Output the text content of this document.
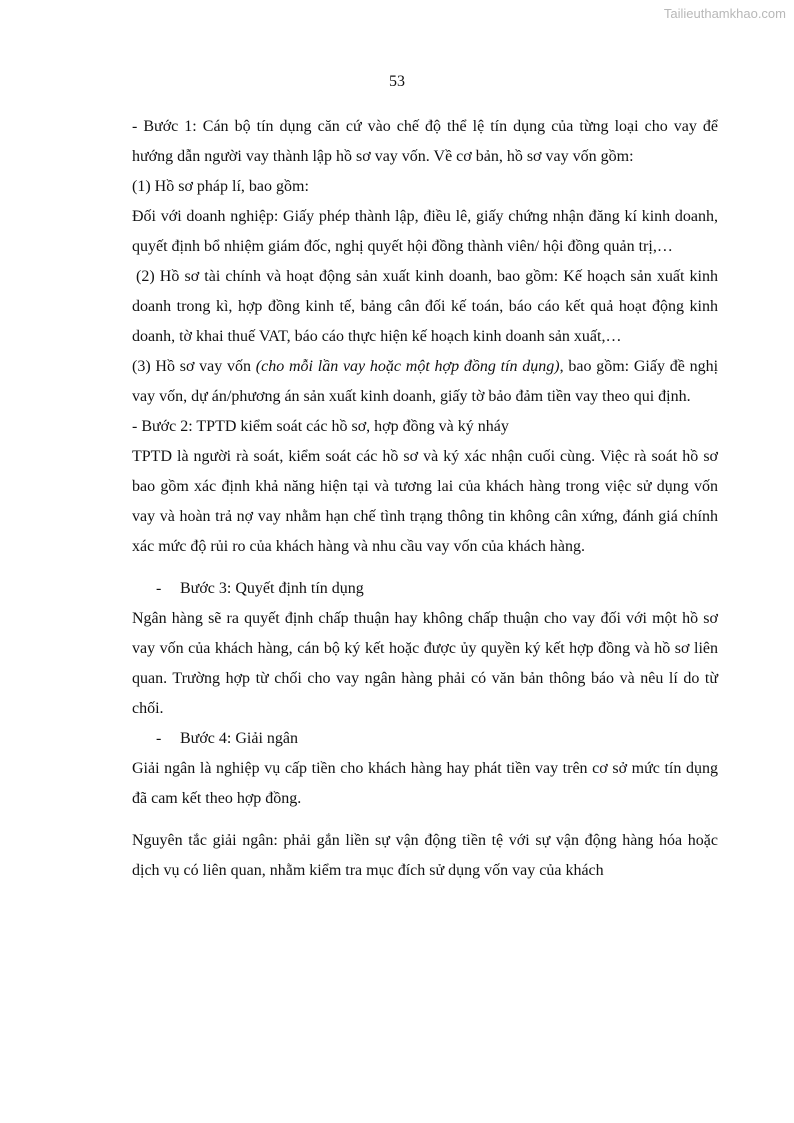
Tailieuthamkhao.com
53

- Bước 1: Cán bộ tín dụng căn cứ vào chế độ thể lệ tín dụng của từng loại cho vay để hướng dẫn người vay thành lập hồ sơ vay vốn. Về cơ bản, hồ sơ vay vốn gồm:

(1) Hồ sơ pháp lí, bao gồm:

Đối với doanh nghiệp: Giấy phép thành lập, điều lê, giấy chứng nhận đăng kí kinh doanh, quyết định bổ nhiệm giám đốc, nghị quyết hội đồng thành viên/ hội đồng quản trị,…

(2) Hồ sơ tài chính và hoạt động sản xuất kinh doanh, bao gồm: Kế hoạch sản xuất kinh doanh trong kì, hợp đồng kinh tế, bảng cân đối kế toán, báo cáo kết quả hoạt động kinh doanh, tờ khai thuế VAT, báo cáo thực hiện kế hoạch kinh doanh sản xuất,…

(3) Hồ sơ vay vốn (cho mỗi lần vay hoặc một hợp đồng tín dụng), bao gồm: Giấy đề nghị vay vốn, dự án/phương án sản xuất kinh doanh, giấy tờ bảo đảm tiền vay theo qui định.

- Bước 2: TPTD kiểm soát các hồ sơ, hợp đồng và ký nháy

TPTD là người rà soát, kiểm soát các hồ sơ và ký xác nhận cuối cùng. Việc rà soát hồ sơ bao gồm xác định khả năng hiện tại và tương lai của khách hàng trong việc sử dụng vốn vay và hoàn trả nợ vay nhằm hạn chế tình trạng thông tin không cân xứng, đánh giá chính xác mức độ rủi ro của khách hàng và nhu cầu vay vốn của khách hàng.

- Bước 3: Quyết định tín dụng

Ngân hàng sẽ ra quyết định chấp thuận hay không chấp thuận cho vay đối với một hồ sơ vay vốn của khách hàng, cán bộ ký kết hoặc được ủy quyền ký kết hợp đồng và hồ sơ liên quan. Trường hợp từ chối cho vay ngân hàng phải có văn bản thông báo và nêu lí do từ chối.

- Bước 4: Giải ngân

Giải ngân là nghiệp vụ cấp tiền cho khách hàng hay phát tiền vay trên cơ sở mức tín dụng đã cam kết theo hợp đồng.

Nguyên tắc giải ngân: phải gắn liền sự vận động tiền tệ với sự vận động hàng hóa hoặc dịch vụ có liên quan, nhằm kiểm tra mục đích sử dụng vốn vay của khách
